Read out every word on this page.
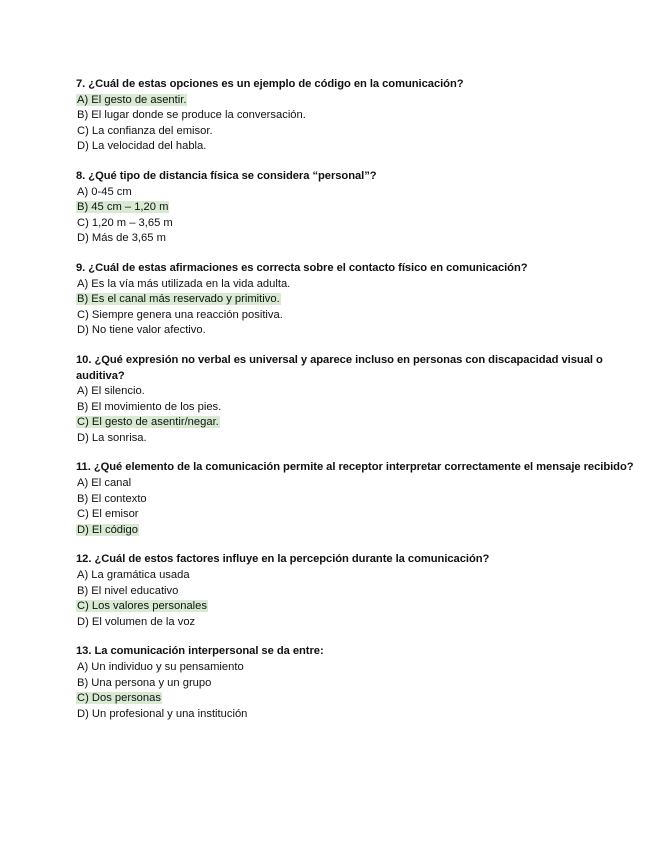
7. ¿Cuál de estas opciones es un ejemplo de código en la comunicación?
A) El gesto de asentir.
B) El lugar donde se produce la conversación.
C) La confianza del emisor.
D) La velocidad del habla.
8. ¿Qué tipo de distancia física se considera “personal”?
A) 0-45 cm
B) 45 cm – 1,20 m
C) 1,20 m – 3,65 m
D) Más de 3,65 m
9. ¿Cuál de estas afirmaciones es correcta sobre el contacto físico en comunicación?
A) Es la vía más utilizada en la vida adulta.
B) Es el canal más reservado y primitivo.
C) Siempre genera una reacción positiva.
D) No tiene valor afectivo.
10. ¿Qué expresión no verbal es universal y aparece incluso en personas con discapacidad visual o auditiva?
A) El silencio.
B) El movimiento de los pies.
C) El gesto de asentir/negar.
D) La sonrisa.
11. ¿Qué elemento de la comunicación permite al receptor interpretar correctamente el mensaje recibido?
A) El canal
B) El contexto
C) El emisor
D) El código
12. ¿Cuál de estos factores influye en la percepción durante la comunicación?
A) La gramática usada
B) El nivel educativo
C) Los valores personales
D) El volumen de la voz
13. La comunicación interpersonal se da entre:
A) Un individuo y su pensamiento
B) Una persona y un grupo
C) Dos personas
D) Un profesional y una institución
